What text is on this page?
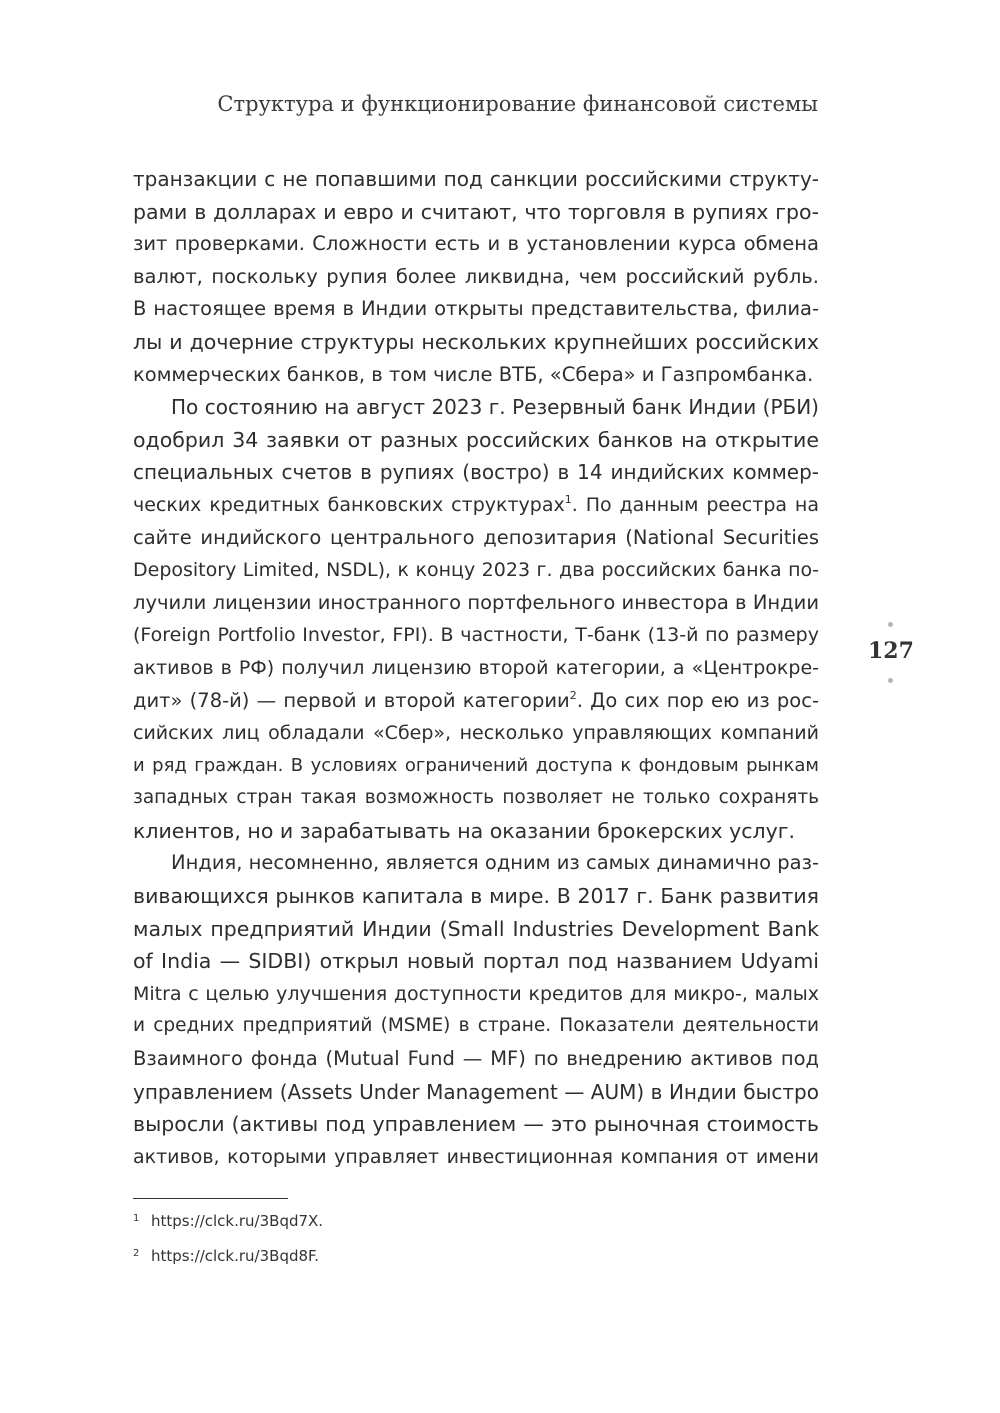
Структура и функционирование финансовой системы
транзакции с не попавшими под санкции российскими структу-
рами в долларах и евро и считают, что торговля в рупиях гро-
зит проверками. Сложности есть и в установлении курса обмена
валют, поскольку рупия более ликвидна, чем российский рубль.
В настоящее время в Индии открыты представительства, филиа-
лы и дочерние структуры нескольких крупнейших российских
коммерческих банков, в том числе ВТБ, «Сбера» и Газпромбанка.
По состоянию на август 2023 г. Резервный банк Индии (РБИ)
одобрил 34 заявки от разных российских банков на открытие
специальных счетов в рупиях (востро) в 14 индийских коммер-
ческих кредитных банковских структурах$^1$. По данным реестра на
сайте индийского центрального депозитария (National Securities
Depository Limited, NSDL), к концу 2023 г. два российских банка по-
лучили лицензии иностранного портфельного инвестора в Индии
(Foreign Portfolio Investor, FPI). В частности, Т-банк (13-й по размеру
активов в РФ) получил лицензию второй категории, а «Центрокре-
дит» (78-й) — первой и второй категории$^2$. До сих пор ею из рос-
сийских лиц обладали «Сбер», несколько управляющих компаний
и ряд граждан. В условиях ограничений доступа к фондовым рынкам
западных стран такая возможность позволяет не только сохранять
клиентов, но и зарабатывать на оказании брокерских услуг.
Индия, несомненно, является одним из самых динамично раз-
вивающихся рынков капитала в мире. В 2017 г. Банк развития
малых предприятий Индии (Small Industries Development Bank
of India — SIDBI) открыл новый портал под названием Udyami
Mitra с целью улучшения доступности кредитов для микро-, малых
и средних предприятий (MSME) в стране. Показатели деятельности
Взаимного фонда (Mutual Fund — MF) по внедрению активов под
управлением (Assets Under Management — AUM) в Индии быстро
выросли (активы под управлением — это рыночная стоимость
активов, которыми управляет инвестиционная компания от имени
127
1 https://clck.ru/3Bqd7X.
2 https://clck.ru/3Bqd8F.
